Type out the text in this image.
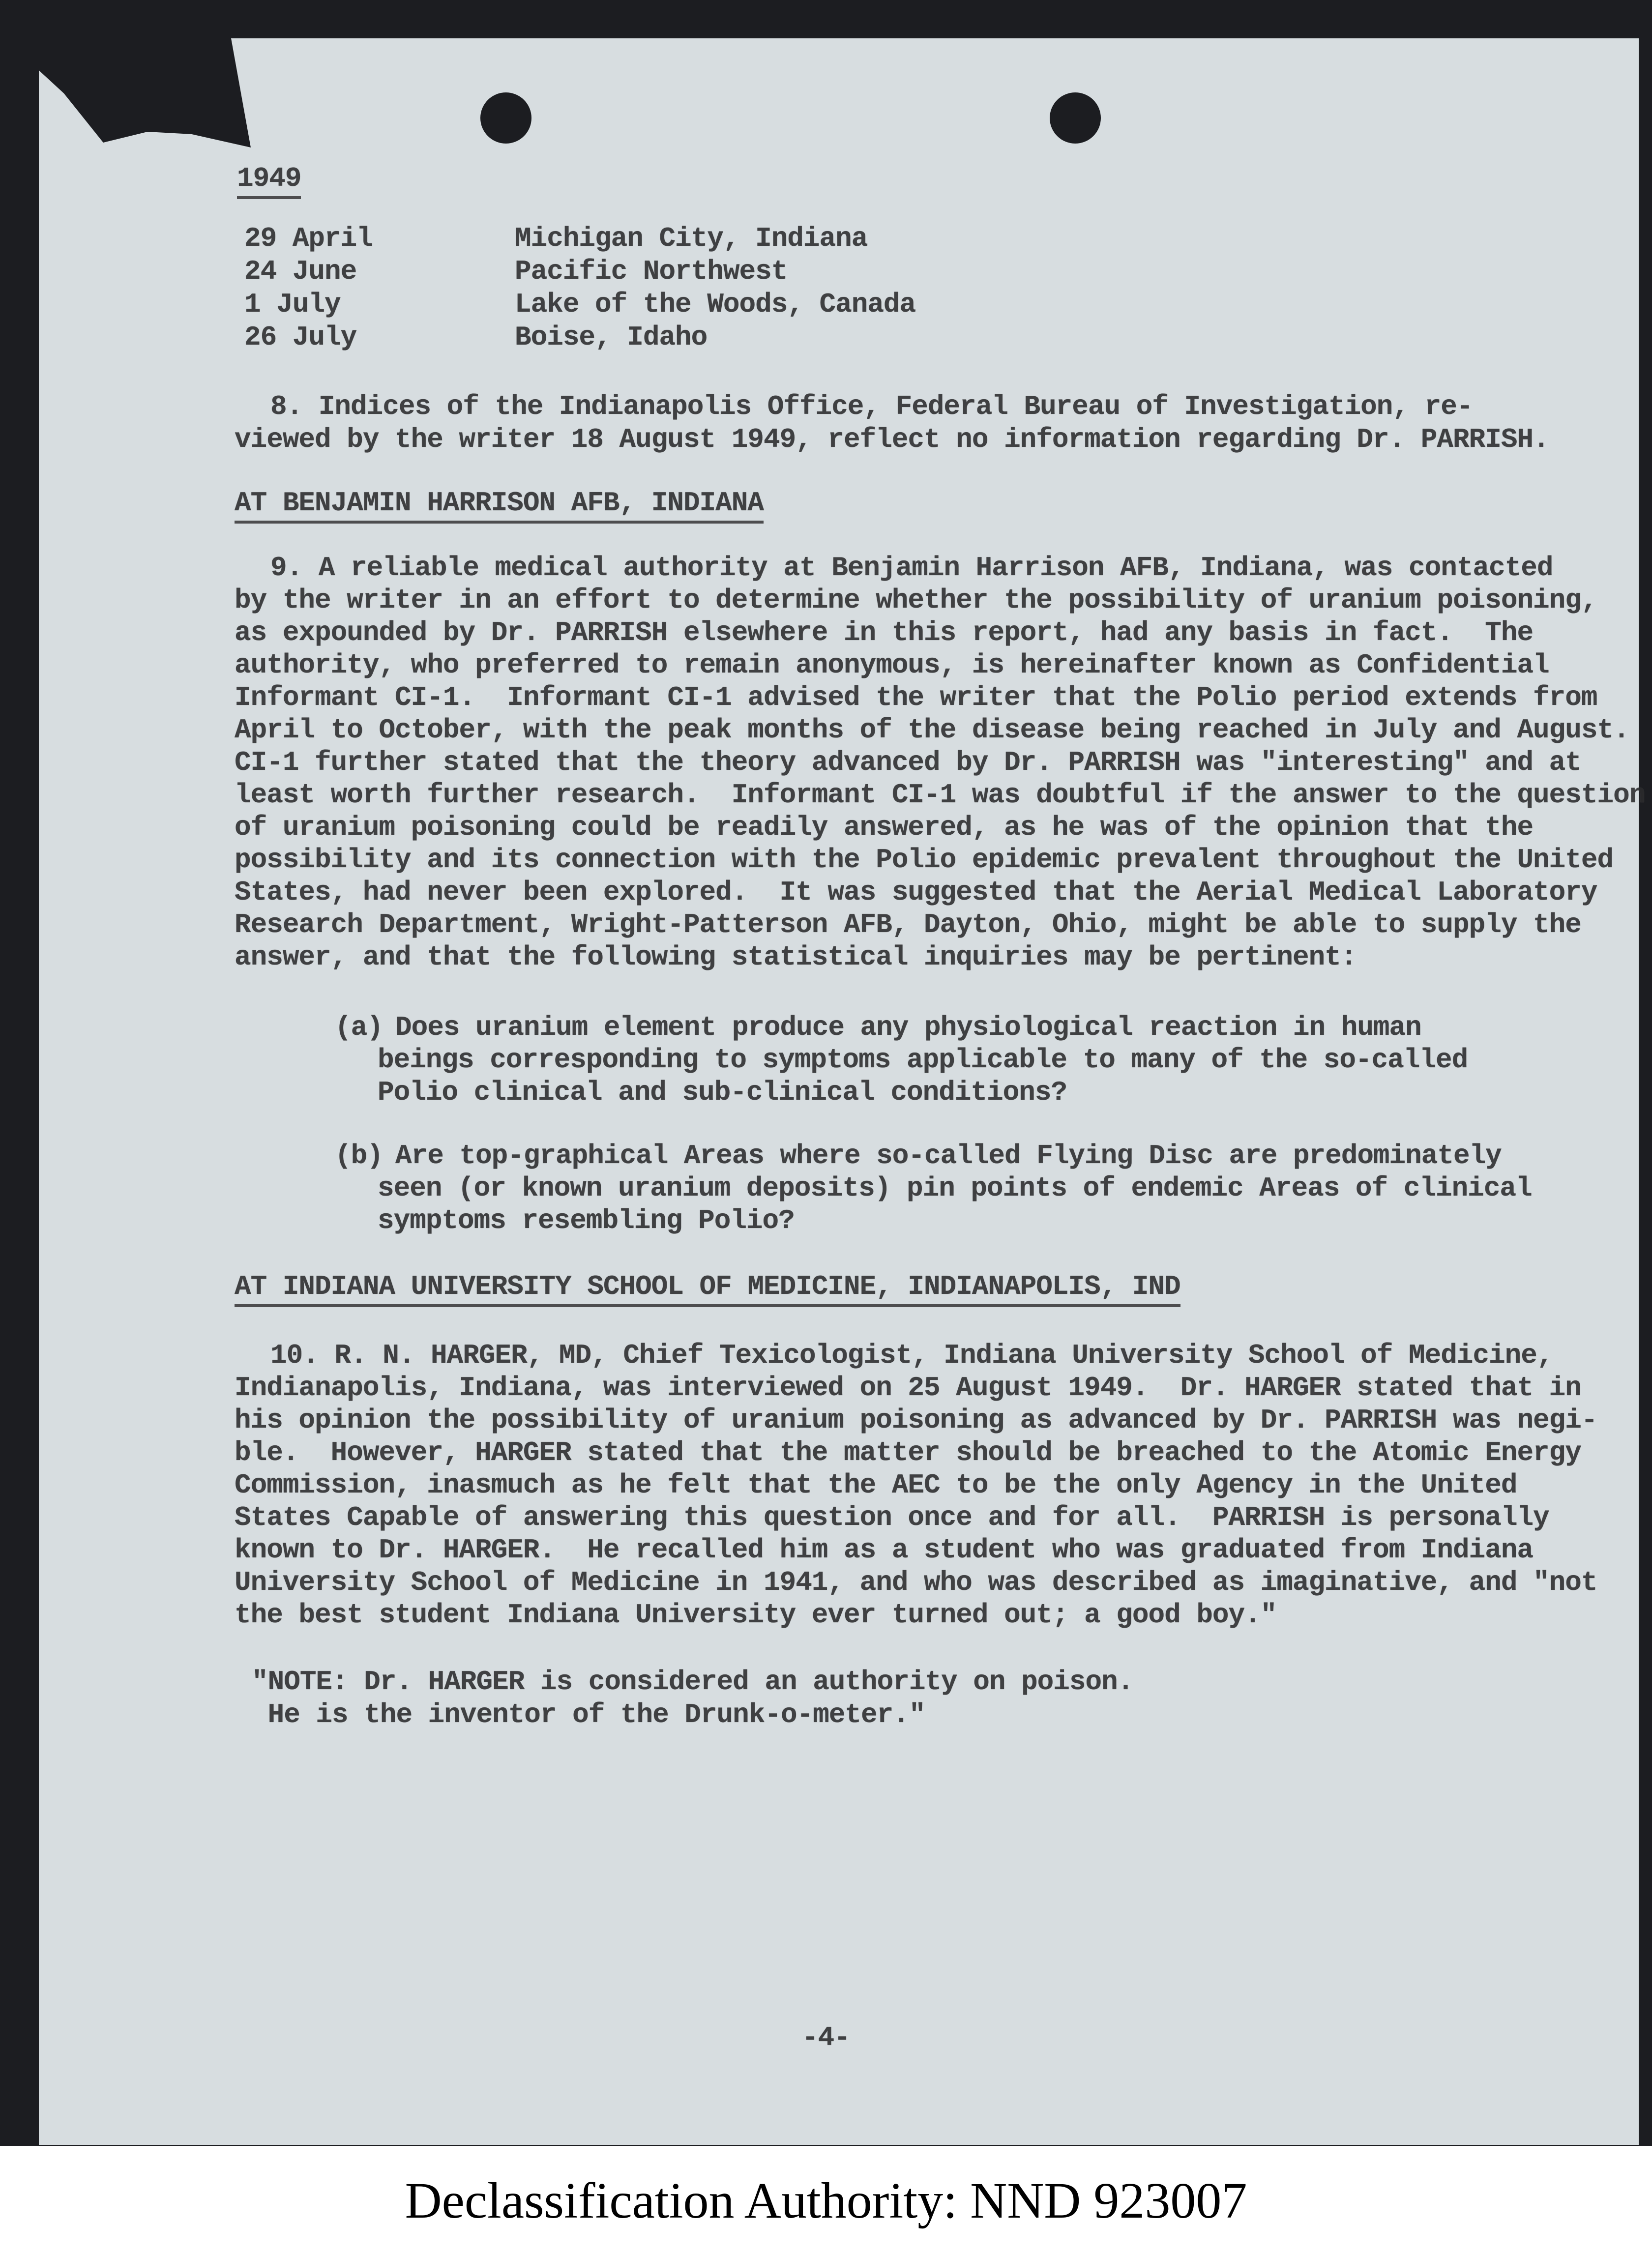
1949
29 April	Michigan City, Indiana
24 June	Pacific Northwest
1 July	Lake of the Woods, Canada
26 July	Boise, Idaho
8. Indices of the Indianapolis Office, Federal Bureau of Investigation, re-
viewed by the writer 18 August 1949, reflect no information regarding Dr. PARRISH.
AT BENJAMIN HARRISON AFB, INDIANA
9. A reliable medical authority at Benjamin Harrison AFB, Indiana, was contacted
by the writer in an effort to determine whether the possibility of uranium poisoning,
as expounded by Dr. PARRISH elsewhere in this report, had any basis in fact.  The
authority, who preferred to remain anonymous, is hereinafter known as Confidential
Informant CI-1.  Informant CI-1 advised the writer that the Polio period extends from
April to October, with the peak months of the disease being reached in July and August.
CI-1 further stated that the theory advanced by Dr. PARRISH was "interesting" and at
least worth further research.  Informant CI-1 was doubtful if the answer to the question
of uranium poisoning could be readily answered, as he was of the opinion that the
possibility and its connection with the Polio epidemic prevalent throughout the United
States, had never been explored.  It was suggested that the Aerial Medical Laboratory
Research Department, Wright-Patterson AFB, Dayton, Ohio, might be able to supply the
answer, and that the following statistical inquiries may be pertinent:
(a) Does uranium element produce any physiological reaction in human
beings corresponding to symptoms applicable to many of the so-called
Polio clinical and sub-clinical conditions?
(b) Are top-graphical Areas where so-called Flying Disc are predominately
seen (or known uranium deposits) pin points of endemic Areas of clinical
symptoms resembling Polio?
AT INDIANA UNIVERSITY SCHOOL OF MEDICINE, INDIANAPOLIS, IND
10. R. N. HARGER, MD, Chief Texicologist, Indiana University School of Medicine,
Indianapolis, Indiana, was interviewed on 25 August 1949.  Dr. HARGER stated that in
his opinion the possibility of uranium poisoning as advanced by Dr. PARRISH was negi-
ble.  However, HARGER stated that the matter should be breached to the Atomic Energy
Commission, inasmuch as he felt that the AEC to be the only Agency in the United
States Capable of answering this question once and for all.  PARRISH is personally
known to Dr. HARGER.  He recalled him as a student who was graduated from Indiana
University School of Medicine in 1941, and who was described as imaginative, and "not
the best student Indiana University ever turned out; a good boy."
"NOTE: Dr. HARGER is considered an authority on poison.
He is the inventor of the Drunk-o-meter."
-4-
Declassification Authority: NND 923007
